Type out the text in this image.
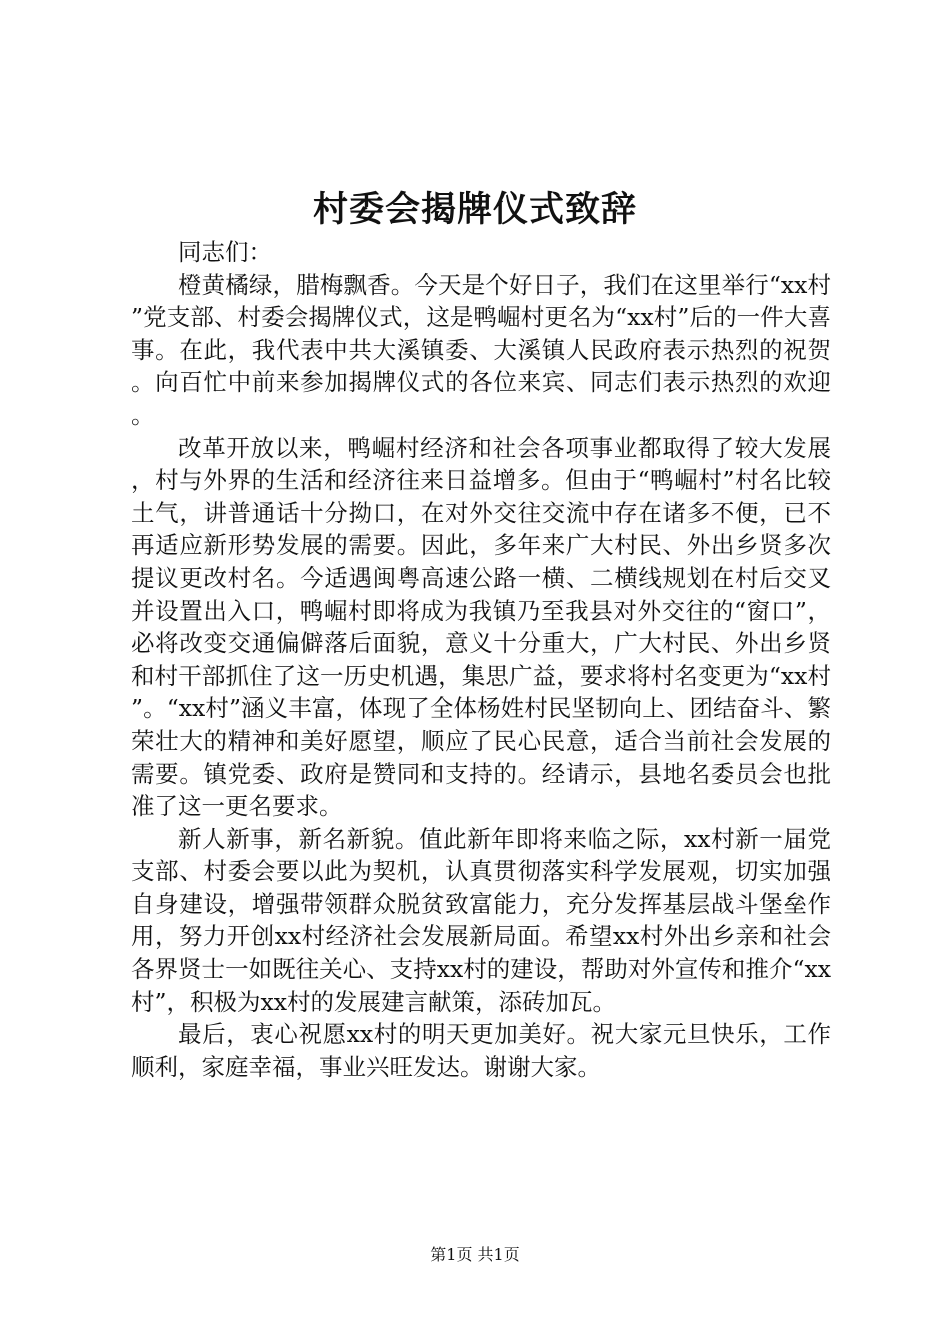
村委会揭牌仪式致辞

同志们：

橙黄橘绿，腊梅飘香。今天是个好日子，我们在这里举行“xx村”党支部、村委会揭牌仪式，这是鸭崛村更名为“xx村”后的一件大喜事。在此，我代表中共大溪镇委、大溪镇人民政府表示热烈的祝贺。向百忙中前来参加揭牌仪式的各位来宾、同志们表示热烈的欢迎。

改革开放以来，鸭崛村经济和社会各项事业都取得了较大发展，村与外界的生活和经济往来日益增多。但由于“鸭崛村”村名比较土气，讲普通话十分拗口，在对外交往交流中存在诸多不便，已不再适应新形势发展的需要。因此，多年来广大村民、外出乡贤多次提议更改村名。今适遇闽粤高速公路一横、二横线规划在村后交叉并设置出入口，鸭崛村即将成为我镇乃至我县对外交往的“窗口”，必将改变交通偏僻落后面貌，意义十分重大，广大村民、外出乡贤和村干部抓住了这一历史机遇，集思广益，要求将村名变更为“xx村”。“xx村”涵义丰富，体现了全体杨姓村民坚韧向上、团结奋斗、繁荣壮大的精神和美好愿望，顺应了民心民意，适合当前社会发展的需要。镇党委、政府是赞同和支持的。经请示，县地名委员会也批准了这一更名要求。

新人新事，新名新貌。值此新年即将来临之际，xx村新一届党支部、村委会要以此为契机，认真贯彻落实科学发展观，切实加强自身建设，增强带领群众脱贫致富能力，充分发挥基层战斗堡垒作用，努力开创xx村经济社会发展新局面。希望xx村外出乡亲和社会各界贤士一如既往关心、支持xx村的建设，帮助对外宣传和推介“xx村”，积极为xx村的发展建言献策，添砖加瓦。

最后，衷心祝愿xx村的明天更加美好。祝大家元旦快乐，工作顺利，家庭幸福，事业兴旺发达。谢谢大家。

第1页 共1页
